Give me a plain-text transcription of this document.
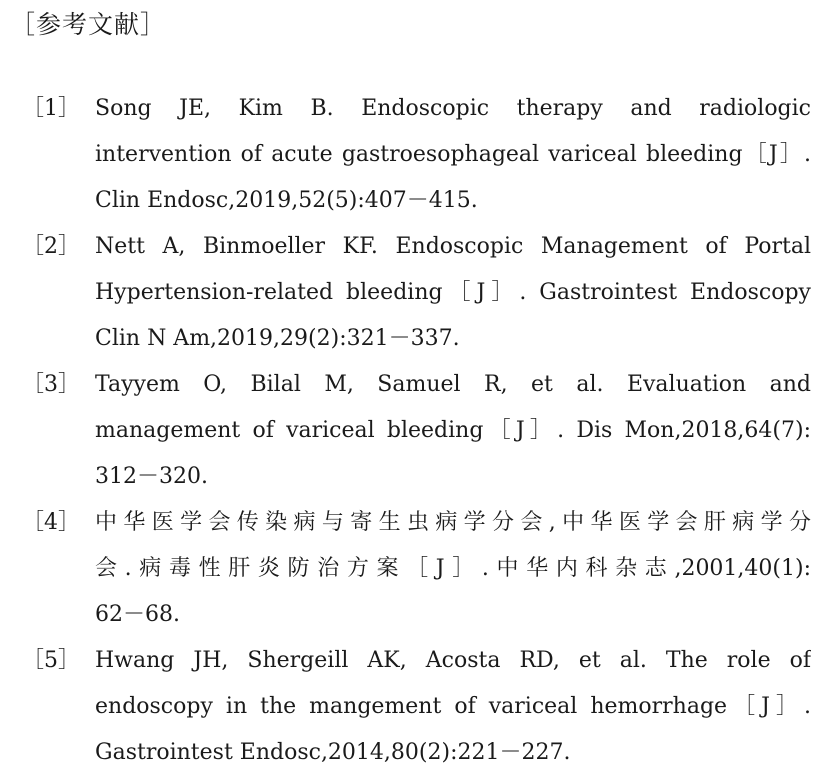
［参考文献］
［1］ Song JE, Kim B. Endoscopic therapy and radiologic
intervention of acute gastroesophageal variceal bleeding［J］.
Clin Endosc,2019,52(5):407－415.
［2］ Nett A, Binmoeller KF. Endoscopic Management of Portal
Hypertension-related bleeding［J］. Gastrointest Endoscopy
Clin N Am,2019,29(2):321－337.
［3］ Tayyem O, Bilal M, Samuel R, et al. Evaluation and
management of variceal bleeding［J］. Dis Mon,2018,64(7):
312－320.
［4］ 中华医学会传染病与寄生虫病学分会,中华医学会肝病学分
会.病毒性肝炎防治方案［J］.中华内科杂志,2001,40(1):
62－68.
［5］ Hwang JH, Shergeill AK, Acosta RD, et al. The role of
endoscopy in the mangement of variceal hemorrhage［J］.
Gastrointest Endosc,2014,80(2):221－227.
